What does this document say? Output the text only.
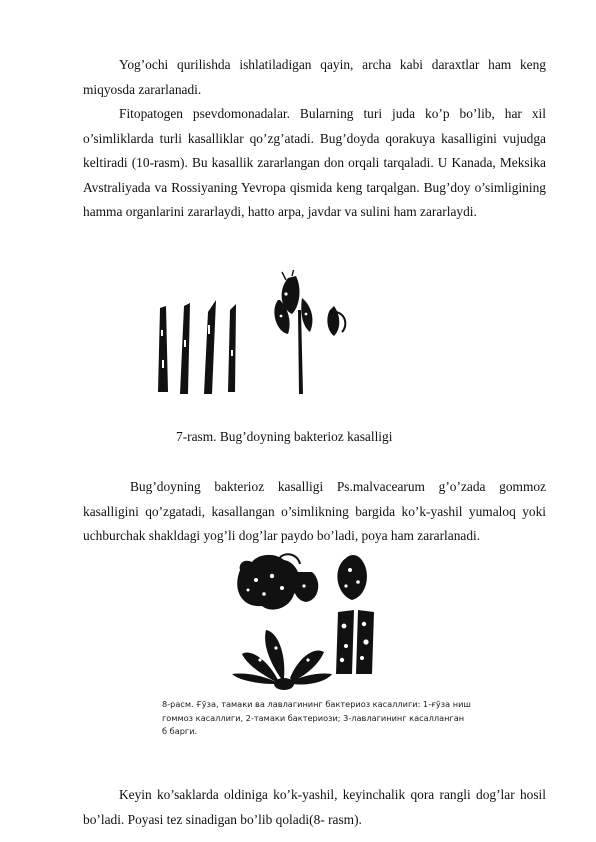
Yog’ochi qurilishda ishlatiladigan qayin, archa kabi daraxtlar ham keng miqyosda zararlanadi.

Fitopatogen psevdomonadalar. Bularning turi juda ko’p bo’lib, har xil o’simliklarda turli kasalliklar qo’zg’atadi. Bug’doyda qorakuya kasalligini vujudga keltiradi (10-rasm). Bu kasallik zararlangan don orqali tarqaladi. U Kanada, Meksika Avstraliyada va Rossiyaning Yevropa qismida keng tarqalgan. Bug’doy o’simligining hamma organlarini zararlaydi, hatto arpa, javdar va sulini ham zararlaydi.

7-rasm. Bug’doyning bakterioz kasalligi

Bug’doyning bakterioz kasalligi Ps.malvacearum g’o’zada gommoz kasalligini qo’zgatadi, kasallangan o’simlikning bargida ko’k-yashil yumaloq yoki uchburchak shakldagi yog’li dog’lar paydo bo’ladi, poya ham zararlanadi.

8-расм. Ғўза, тамаки ва лавлагининг бактериоз касаллиги: 1-ғўза ниш
гоммоз касаллиги, 2-тамаки бактериози; 3-лавлагининг касалланган
б барги.

Keyin ko’saklarda oldiniga ko’k-yashil, keyinchalik qora rangli dog’lar hosil bo’ladi. Poyasi tez sinadigan bo’lib qoladi(8- rasm).
